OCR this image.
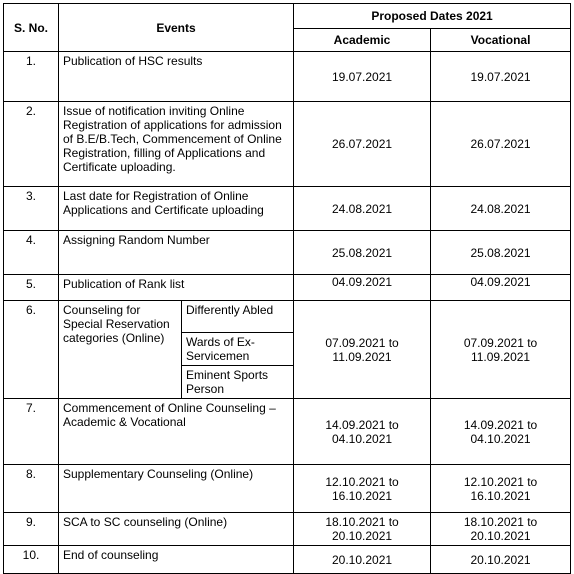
S. No.	Events		Proposed Dates 2021	
			Academic	Vocational
1.	Publication of HSC results		19.07.2021	19.07.2021
2.	Issue of notification inviting Online Registration of applications for admission of B.E/B.Tech, Commencement of Online Registration, filling of Applications and Certificate uploading.		26.07.2021	26.07.2021
3.	Last date for Registration of Online Applications and Certificate uploading		24.08.2021	24.08.2021
4.	Assigning Random Number		25.08.2021	25.08.2021
5.	Publication of Rank list		04.09.2021	04.09.2021
6.	Counseling for Special Reservation categories (Online)	Differently Abled	07.09.2021 to 11.09.2021	07.09.2021 to 11.09.2021
		Wards of Ex-Servicemen		
		Eminent Sports Person		
7.	Commencement of Online Counseling – Academic & Vocational		14.09.2021 to 04.10.2021	14.09.2021 to 04.10.2021
8.	Supplementary Counseling (Online)		12.10.2021 to 16.10.2021	12.10.2021 to 16.10.2021
9.	SCA to SC counseling (Online)		18.10.2021 to 20.10.2021	18.10.2021 to 20.10.2021
10.	End of counseling		20.10.2021	20.10.2021
